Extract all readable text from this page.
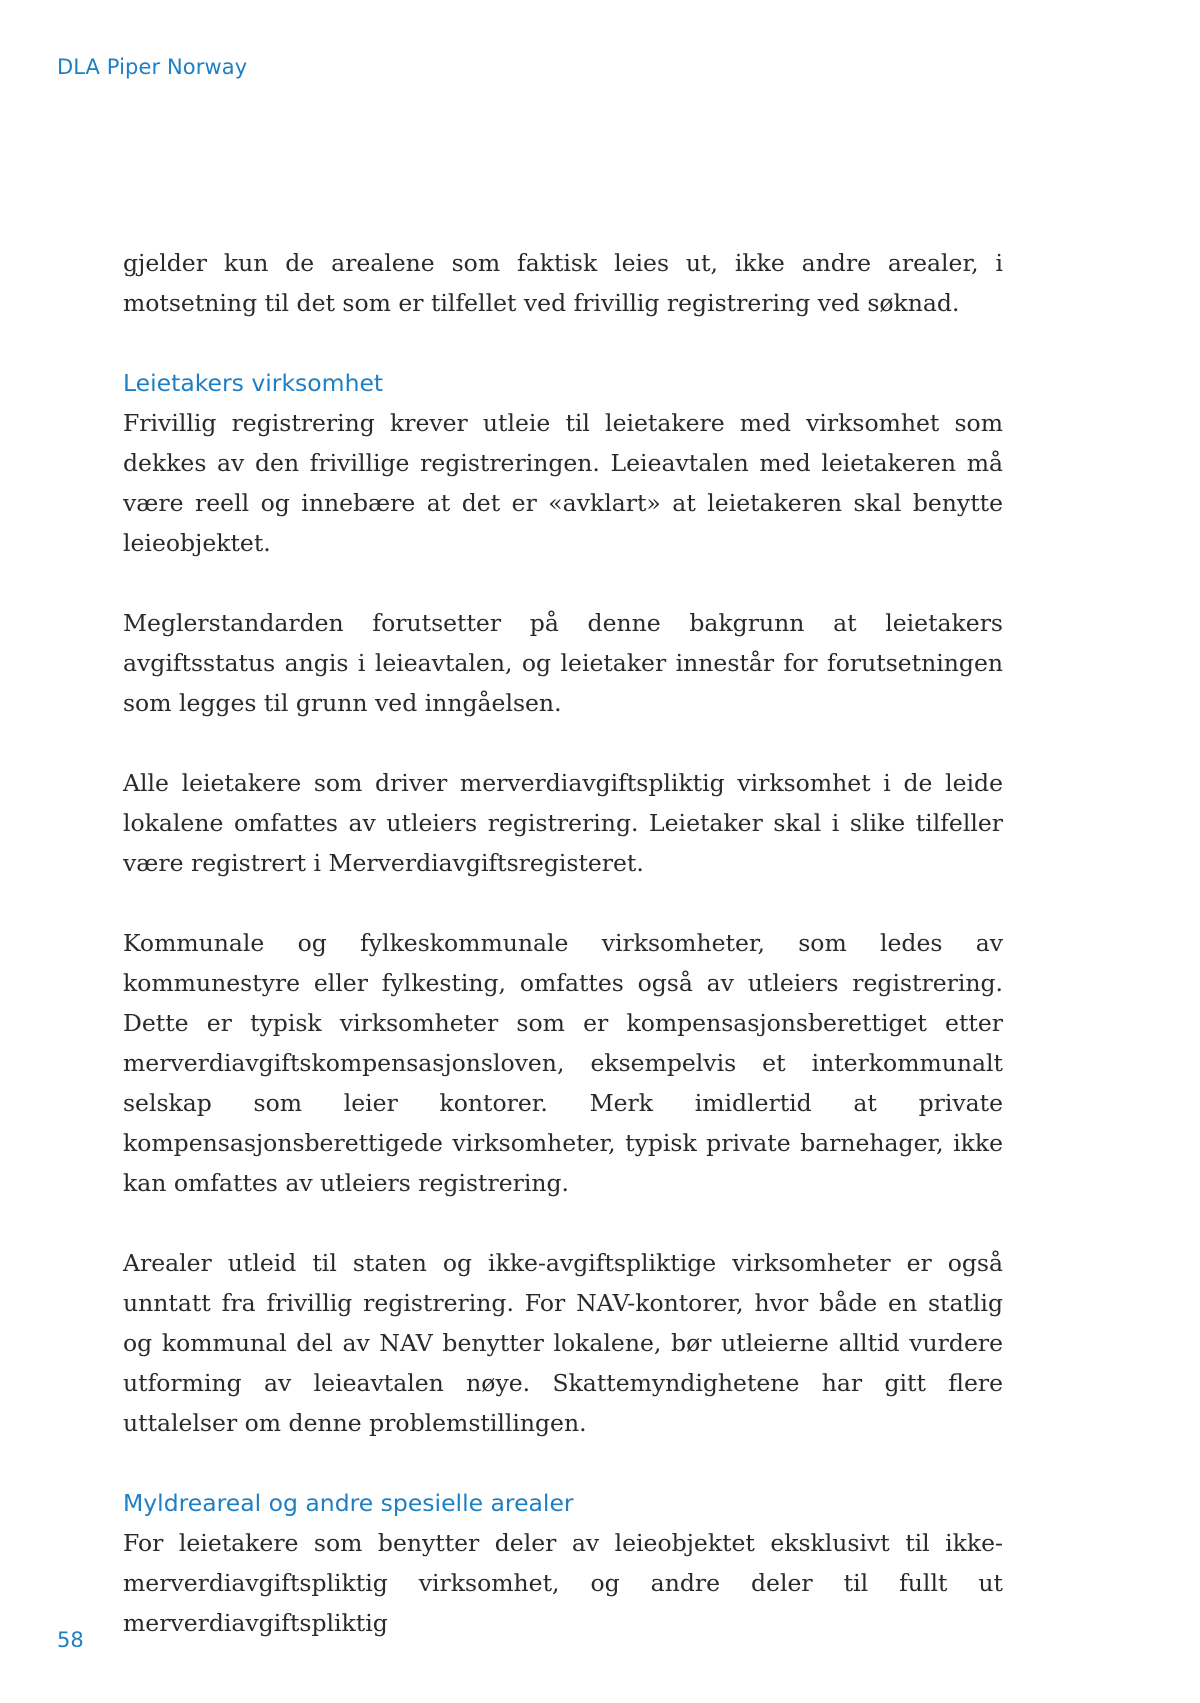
DLA Piper Norway

gjelder kun de arealene som faktisk leies ut, ikke andre arealer, i motsetning til det som er tilfellet ved frivillig registrering ved søknad.

Leietakers virksomhet

Frivillig registrering krever utleie til leietakere med virksomhet som dekkes av den frivillige registreringen. Leieavtalen med leietakeren må være reell og innebære at det er «avklart» at leietakeren skal benytte leieobjektet.

Meglerstandarden forutsetter på denne bakgrunn at leietakers avgiftsstatus angis i leieavtalen, og leietaker innestår for forutsetningen som legges til grunn ved inngåelsen.

Alle leietakere som driver merverdiavgiftspliktig virksomhet i de leide lokalene omfattes av utleiers registrering. Leietaker skal i slike tilfeller være registrert i Merverdiavgiftsregisteret.

Kommunale og fylkeskommunale virksomheter, som ledes av kommunestyre eller fylkesting, omfattes også av utleiers registrering. Dette er typisk virksomheter som er kompensasjonsberettiget etter merverdiavgiftskompensasjonsloven, eksempelvis et interkommunalt selskap som leier kontorer. Merk imidlertid at private kompensasjonsberettigede virksomheter, typisk private barnehager, ikke kan omfattes av utleiers registrering.

Arealer utleid til staten og ikke-avgiftspliktige virksomheter er også unntatt fra frivillig registrering. For NAV-kontorer, hvor både en statlig og kommunal del av NAV benytter lokalene, bør utleierne alltid vurdere utforming av leieavtalen nøye. Skattemyndighetene har gitt flere uttalelser om denne problemstillingen.

Myldreareal og andre spesielle arealer

For leietakere som benytter deler av leieobjektet eksklusivt til ikke-merverdiavgiftspliktig virksomhet, og andre deler til fullt ut merverdiavgiftspliktig

58
